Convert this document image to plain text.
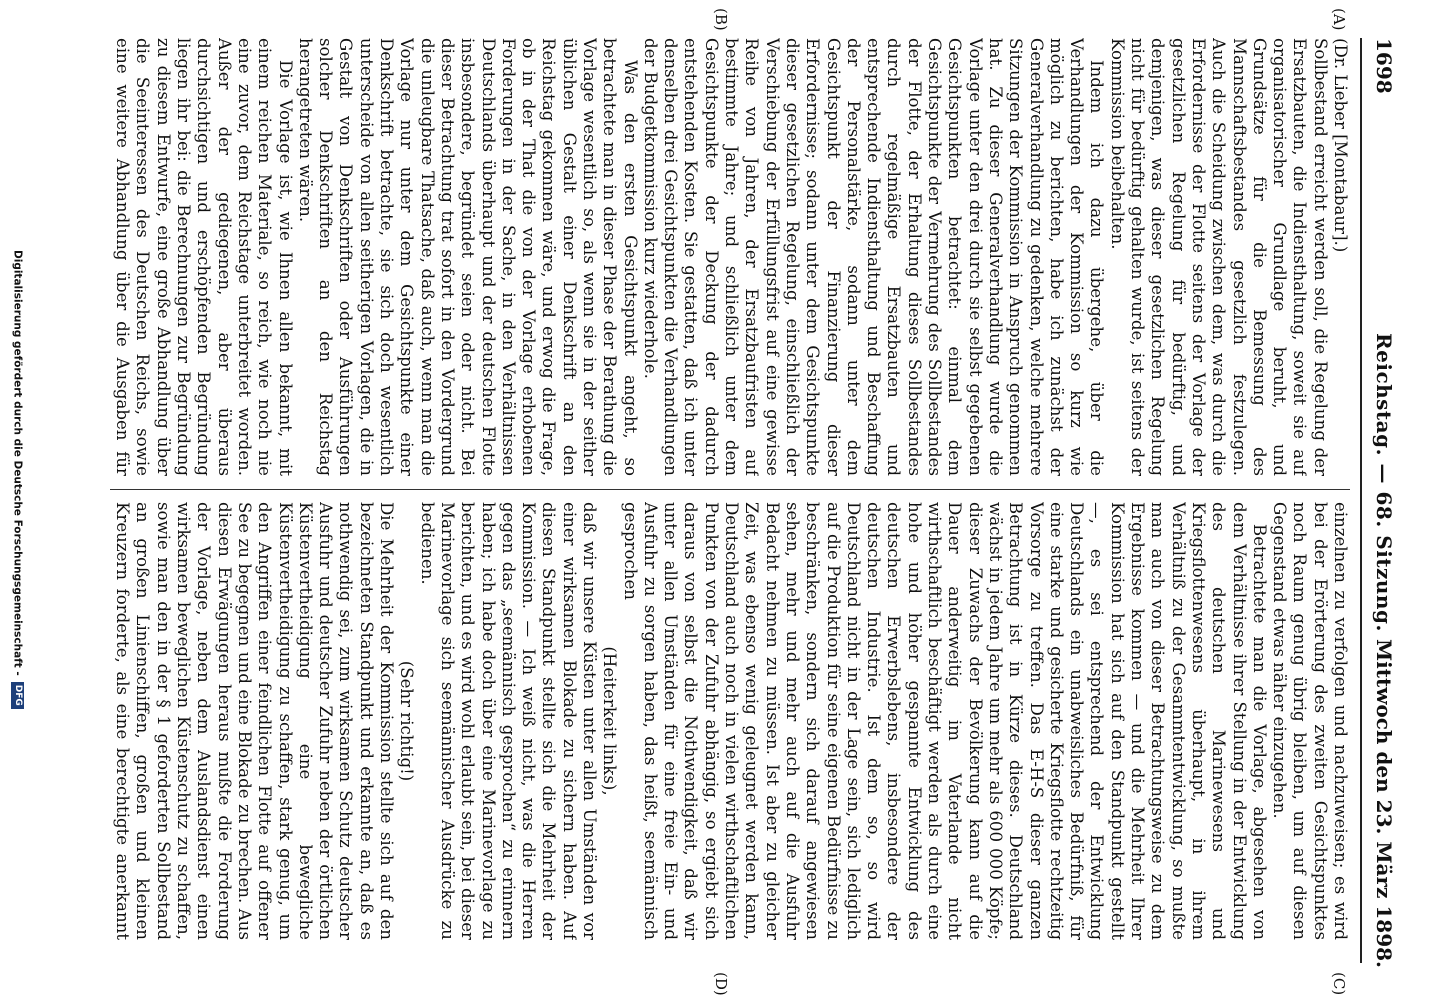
1698
Reichstag. — 68. Sitzung.
Mittwoch den 23. März 1898.
(A)
(B)
(C)
(D)

(Dr. Lieber [Montabaur].)

Sollbestand erreicht werden soll, die Regelung der Ersatzbauten, die Indiensthaltung, soweit sie auf organisatorischer Grundlage beruht, und Grundsätze für die Bemessung des Mannschaftsbestandes gesetzlich festzulegen. Auch die Scheidung zwischen dem, was durch die Erfordernisse der Flotte seitens der Vorlage der gesetzlichen Regelung für bedürftig, und demjenigen, was dieser gesetzlichen Regelung nicht für bedürftig gehalten wurde, ist seitens der Kommission beibehalten.

Indem ich dazu übergehe, über die Verhandlungen der Kommission so kurz wie möglich zu berichten, habe ich zunächst der Generalverhandlung zu gedenken, welche mehrere Sitzungen der Kommission in Anspruch genommen hat. Zu dieser Generalverhandlung wurde die Vorlage unter den drei durch sie selbst gegebenen Gesichtspunkten betrachtet: einmal dem Gesichtspunkte der Vermehrung des Sollbestandes der Flotte, der Erhaltung dieses Sollbestandes durch regelmäßige Ersatzbauten und entsprechende Indiensthaltung und Beschaffung der Personalstärke, sodann unter dem Gesichtspunkt der Finanzierung dieser Erfordernisse; sodann unter dem Gesichtspunkte dieser gesetzlichen Regelung, einschließlich der Verschiebung der Erfüllungsfrist auf eine gewisse Reihe von Jahren, der Ersatzbaufristen auf bestimmte Jahre; und schließlich unter dem Gesichtspunkte der Deckung der dadurch entstehenden Kosten. Sie gestatten, daß ich unter denselben drei Gesichtspunkten die Verhandlungen der Budgetkommission kurz wiederhole.

Was den ersten Gesichtspunkt angeht, so betrachtete man in dieser Phase der Berathung die Vorlage wesentlich so, als wenn sie in der seither üblichen Gestalt einer Denkschrift an den Reichstag gekommen wäre, und erwog die Frage, ob in der That die von der Vorlage erhobenen Forderungen in der Sache, in den Verhältnissen Deutschlands überhaupt und der deutschen Flotte insbesondere, begründet seien oder nicht. Bei dieser Betrachtung trat sofort in den Vordergrund die unleugbare Thatsache, daß auch, wenn man die Vorlage nur unter dem Gesichtspunkte einer Denkschrift betrachte, sie sich doch wesentlich unterscheide von allen seitherigen Vorlagen, die in Gestalt von Denkschriften oder Ausführungen solcher Denkschriften an den Reichstag herangetreten wären.

Die Vorlage ist, wie Ihnen allen bekannt, mit einem reichen Materiale, so reich, wie noch nie eine zuvor, dem Reichstage unterbreitet worden. Außer der gediegenen, aber überaus durchsichtigen und erschöpfenden Begründung liegen ihr bei: die Berechnungen zur Begründung zu diesem Entwurfe, eine große Abhandlung über die Seeinteressen des Deutschen Reichs, sowie eine weitere Abhandlung über die Ausgaben für

einzelnen zu verfolgen und nachzuweisen; es wird bei der Erörterung des zweiten Gesichtspunktes noch Raum genug übrig bleiben, um auf diesen Gegenstand etwas näher einzugehen.

Betrachtete man die Vorlage, abgesehen von dem Verhältnisse ihrer Stellung in der Entwicklung des deutschen Marinewesens und Kriegsflottenwesens überhaupt, in ihrem Verhältniß zu der Gesammtentwicklung, so mußte man auch von dieser Betrachtungsweise zu dem Ergebnisse kommen — und die Mehrheit Ihrer Kommission hat sich auf den Standpunkt gestellt —, es sei entsprechend der Entwicklung Deutschlands ein unabweisliches Bedürfniß, für eine starke und gesicherte Kriegsflotte rechtzeitig Vorsorge zu treffen. Das E-H-S dieser ganzen Betrachtung ist in Kürze dieses. Deutschland wächst in jedem Jahre um mehr als 600 000 Köpfe; dieser Zuwachs der Bevölkerung kann auf die Dauer anderweitig im Vaterlande nicht wirthschaftlich beschäftigt werden als durch eine hohe und höher gespannte Entwicklung des deutschen Erwerbslebens, insbesondere der deutschen Industrie. Ist dem so, so wird Deutschland nicht in der Lage sein, sich lediglich auf die Produktion für seine eigenen Bedürfnisse zu beschränken, sondern sich darauf angewiesen sehen, mehr und mehr auch auf die Ausfuhr Bedacht nehmen zu müssen. Ist aber zu gleicher Zeit, was ebenso wenig geleugnet werden kann, Deutschland auch noch in vielen wirthschaftlichen Punkten von der Zufuhr abhängig, so ergiebt sich daraus von selbst die Nothwendigkeit, daß wir unter allen Umständen für eine freie Ein- und Ausfuhr zu sorgen haben, das heißt, seemännisch gesprochen

(Heiterkeit links),

daß wir unsere Küsten unter allen Umständen vor einer wirksamen Blokade zu sichern haben. Auf diesen Standpunkt stellte sich die Mehrheit der Kommission. — Ich weiß nicht, was die Herren gegen das „seemännisch gesprochen“ zu erinnern haben; ich habe doch über eine Marinevorlage zu berichten, und es wird wohl erlaubt sein, bei dieser Marinevorlage sich seemännischer Ausdrücke zu bedienen.

(Sehr richtig!)

Die Mehrheit der Kommission stellte sich auf den bezeichneten Standpunkt und erkannte an, daß es nothwendig sei, zum wirksamen Schutz deutscher Ausfuhr und deutscher Zufuhr neben der örtlichen Küstenvertheidigung eine bewegliche Küstenvertheidigung zu schaffen, stark genug, um den Angriffen einer feindlichen Flotte auf offener See zu begegnen und eine Blokade zu brechen. Aus diesen Erwägungen heraus mußte die Forderung der Vorlage, neben dem Auslandsdienst einen wirksamen beweglichen Küstenschutz zu schaffen, sowie man den in der § 1 geforderten Sollbestand an großen Linienschiffen, großen und kleinen Kreuzern forderte, als eine berechtigte anerkannt

Digitalisierung gefördert durch die Deutsche Forschungsgemeinschaft -DFG
